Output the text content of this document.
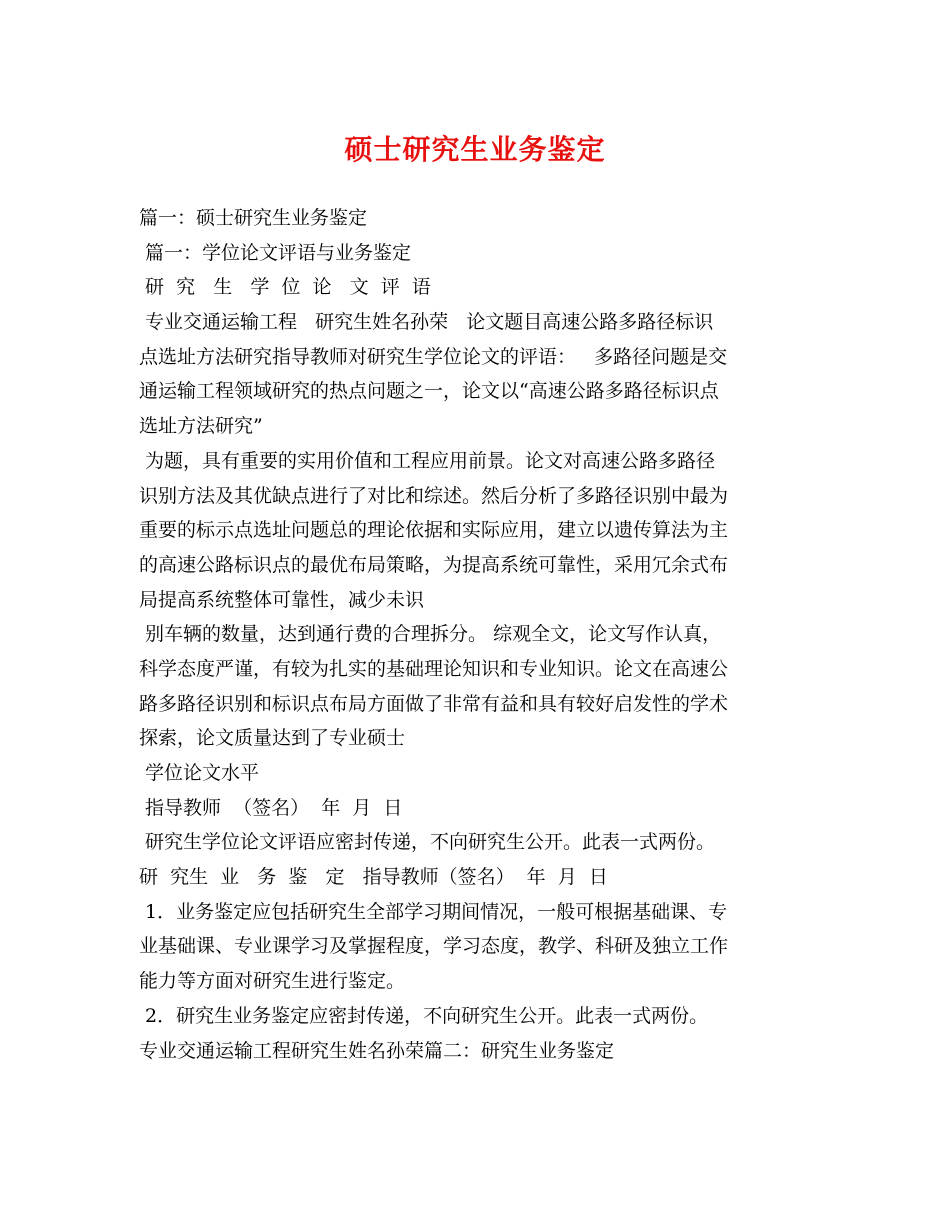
硕士研究生业务鉴定
篇一：硕士研究生业务鉴定
篇一：学位论文评语与业务鉴定
研  究   生   学  位  论   文  评  语
专业交通运输工程   研究生姓名孙荣   论文题目高速公路多路径标识
点选址方法研究指导教师对研究生学位论文的评语：   多路径问题是交
通运输工程领域研究的热点问题之一，论文以“高速公路多路径标识点
选址方法研究”
为题，具有重要的实用价值和工程应用前景。论文对高速公路多路径
识别方法及其优缺点进行了对比和综述。然后分析了多路径识别中最为
重要的标示点选址问题总的理论依据和实际应用，建立以遗传算法为主
的高速公路标识点的最优布局策略，为提高系统可靠性，采用冗余式布
局提高系统整体可靠性，减少未识
别车辆的数量，达到通行费的合理拆分。 综观全文，论文写作认真，
科学态度严谨，有较为扎实的基础理论知识和专业知识。论文在高速公
路多路径识别和标识点布局方面做了非常有益和具有较好启发性的学术
探索，论文质量达到了专业硕士
学位论文水平
指导教师  （签名）  年  月  日
研究生学位论文评语应密封传递，不向研究生公开。此表一式两份。
研  究生  业   务  鉴   定   指导教师（签名）  年  月  日
1．业务鉴定应包括研究生全部学习期间情况，一般可根据基础课、专
业基础课、专业课学习及掌握程度，学习态度，教学、科研及独立工作
能力等方面对研究生进行鉴定。
2．研究生业务鉴定应密封传递，不向研究生公开。此表一式两份。
专业交通运输工程研究生姓名孙荣篇二：研究生业务鉴定
